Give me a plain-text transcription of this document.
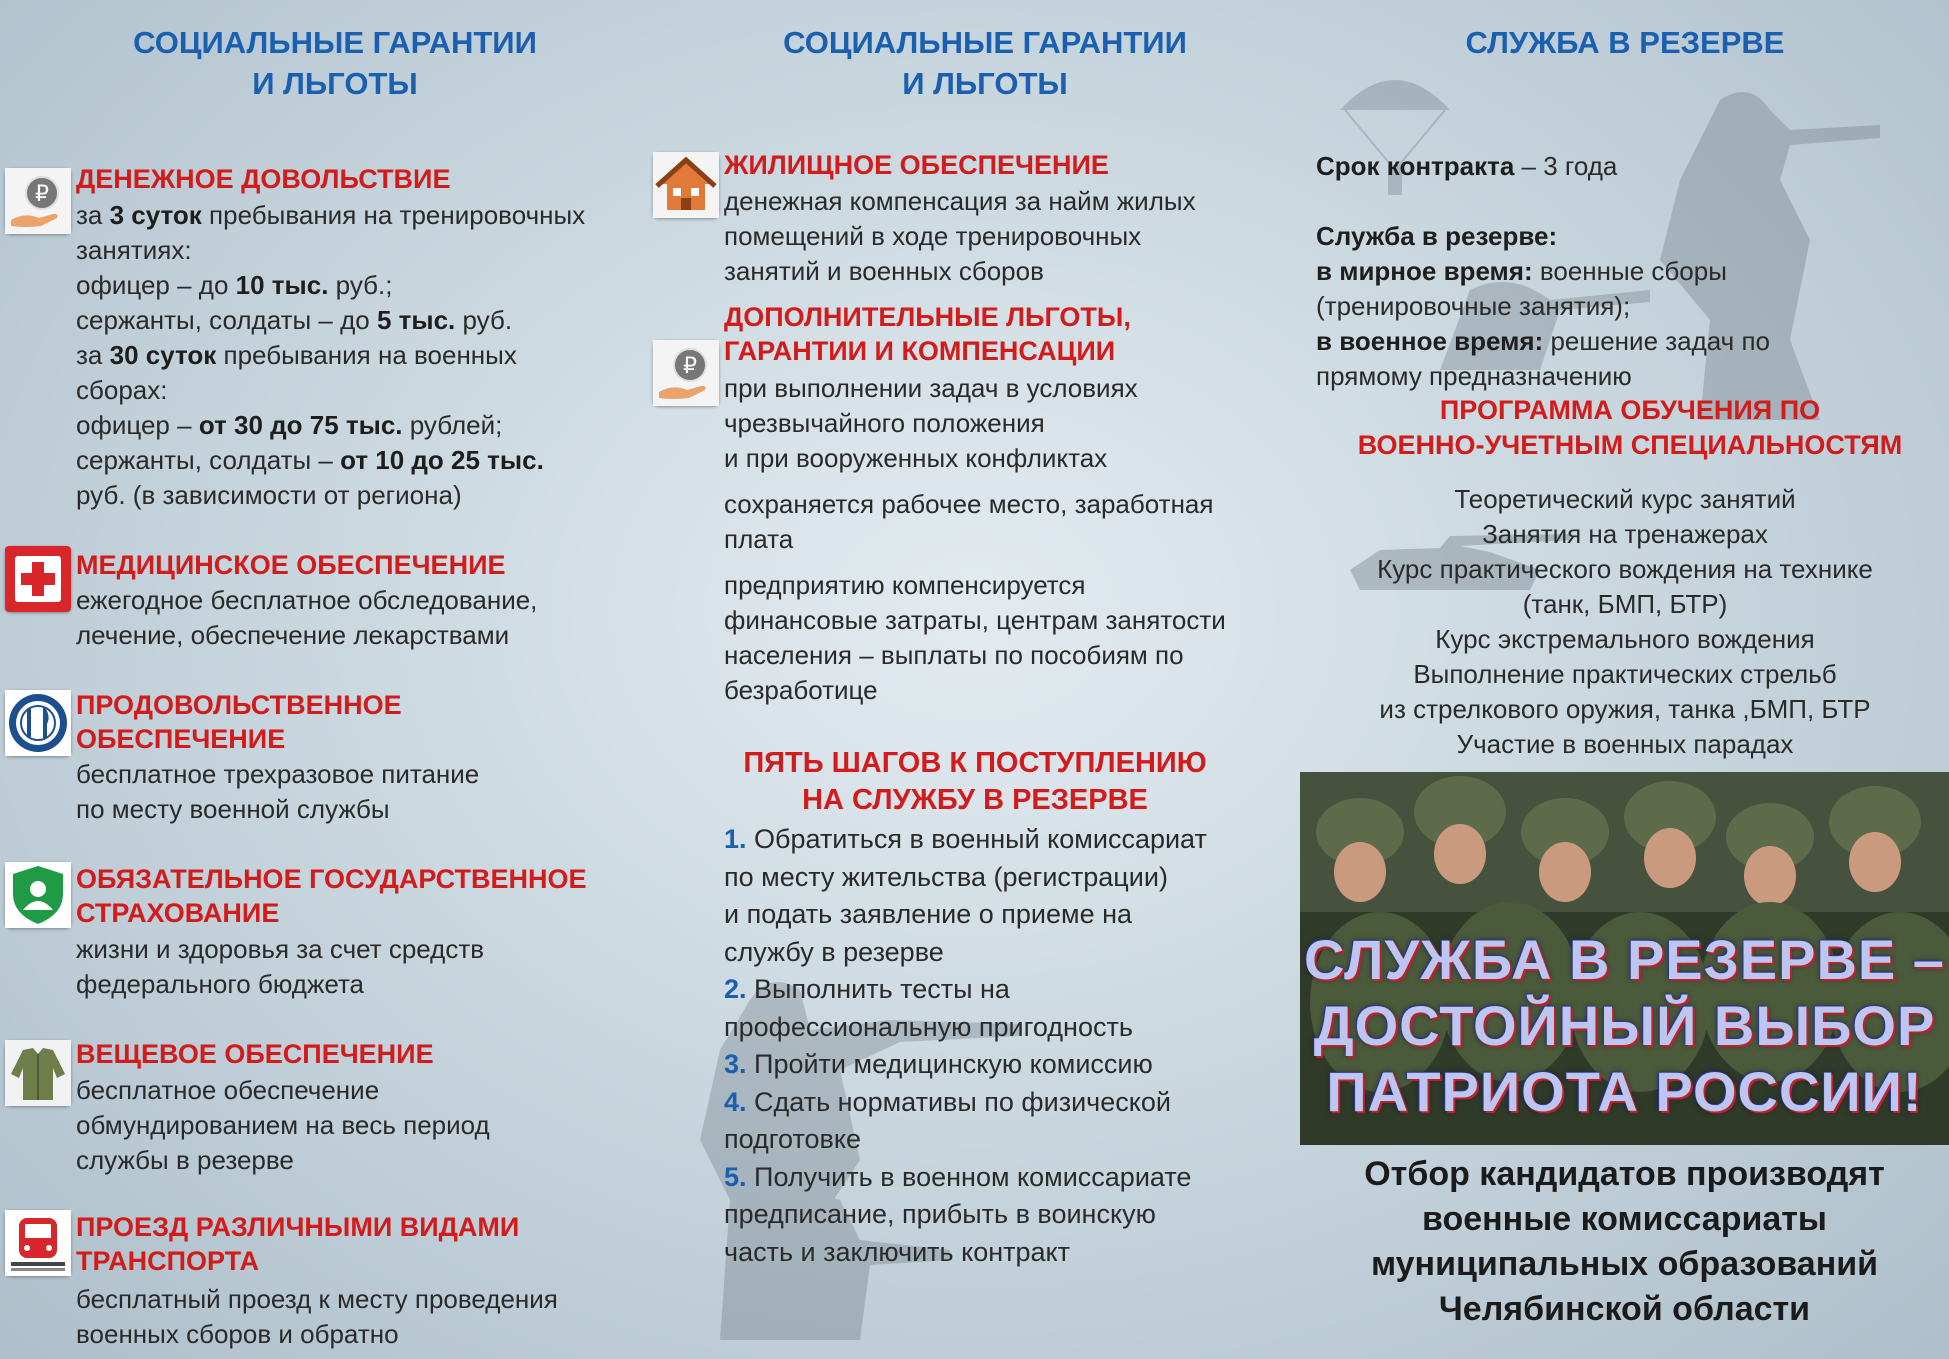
СОЦИАЛЬНЫЕ ГАРАНТИИ
И ЛЬГОТЫ
₽
ДЕНЕЖНОЕ ДОВОЛЬСТВИЕ
за 3 суток пребывания на тренировочных
занятиях:
офицер – до 10 тыс. руб.;
сержанты, солдаты – до 5 тыс. руб.
за 30 суток пребывания на военных
сборах:
офицер – от 30 до 75 тыс. рублей;
сержанты, солдаты – от 10 до 25 тыс.
руб. (в зависимости от региона)
МЕДИЦИНСКОЕ ОБЕСПЕЧЕНИЕ
ежегодное бесплатное обследование,
лечение, обеспечение лекарствами
ПРОДОВОЛЬСТВЕННОЕ
ОБЕСПЕЧЕНИЕ
бесплатное трехразовое питание
по месту военной службы
ОБЯЗАТЕЛЬНОЕ ГОСУДАРСТВЕННОЕ
СТРАХОВАНИЕ
жизни и здоровья за счет средств
федерального бюджета
ВЕЩЕВОЕ ОБЕСПЕЧЕНИЕ
бесплатное обеспечение
обмундированием на весь период
службы в резерве
ПРОЕЗД РАЗЛИЧНЫМИ ВИДАМИ
ТРАНСПОРТА
бесплатный проезд к месту проведения
военных сборов и обратно
СОЦИАЛЬНЫЕ ГАРАНТИИ
И ЛЬГОТЫ
ЖИЛИЩНОЕ ОБЕСПЕЧЕНИЕ
денежная компенсация за найм жилых
помещений в ходе тренировочных
занятий и военных сборов
₽
ДОПОЛНИТЕЛЬНЫЕ ЛЬГОТЫ,
ГАРАНТИИ И КОМПЕНСАЦИИ
при выполнении задач в условиях
чрезвычайного положения
и при вооруженных конфликтах
сохраняется рабочее место, заработная
плата
предприятию компенсируется
финансовые затраты, центрам занятости
населения – выплаты по пособиям по
безработице
ПЯТЬ ШАГОВ К ПОСТУПЛЕНИЮ
НА СЛУЖБУ В РЕЗЕРВЕ
1. Обратиться в военный комиссариат
по месту жительства (регистрации)
и подать заявление о приеме на
службу в резерве
2. Выполнить тесты на
профессиональную пригодность
3. Пройти медицинскую комиссию
4. Сдать нормативы по физической
подготовке
5. Получить в военном комиссариате
предписание, прибыть в воинскую
часть и заключить контракт
СЛУЖБА В РЕЗЕРВЕ
Срок контракта – 3 года
Служба в резерве:
в мирное время: военные сборы
(тренировочные занятия);
в военное время: решение задач по
прямому предназначению
ПРОГРАММА ОБУЧЕНИЯ ПО
ВОЕННО-УЧЕТНЫМ СПЕЦИАЛЬНОСТЯМ
Теоретический курс занятий
Занятия на тренажерах
Курс практического вождения на технике
(танк, БМП, БТР)
Курс экстремального вождения
Выполнение практических стрельб
из стрелкового оружия, танка ,БМП, БТР
Участие в военных парадах
СЛУЖБА В РЕЗЕРВЕ –
ДОСТОЙНЫЙ ВЫБОР
ПАТРИОТА РОССИИ!
Отбор кандидатов производят
военные комиссариаты
муниципальных образований
Челябинской области
